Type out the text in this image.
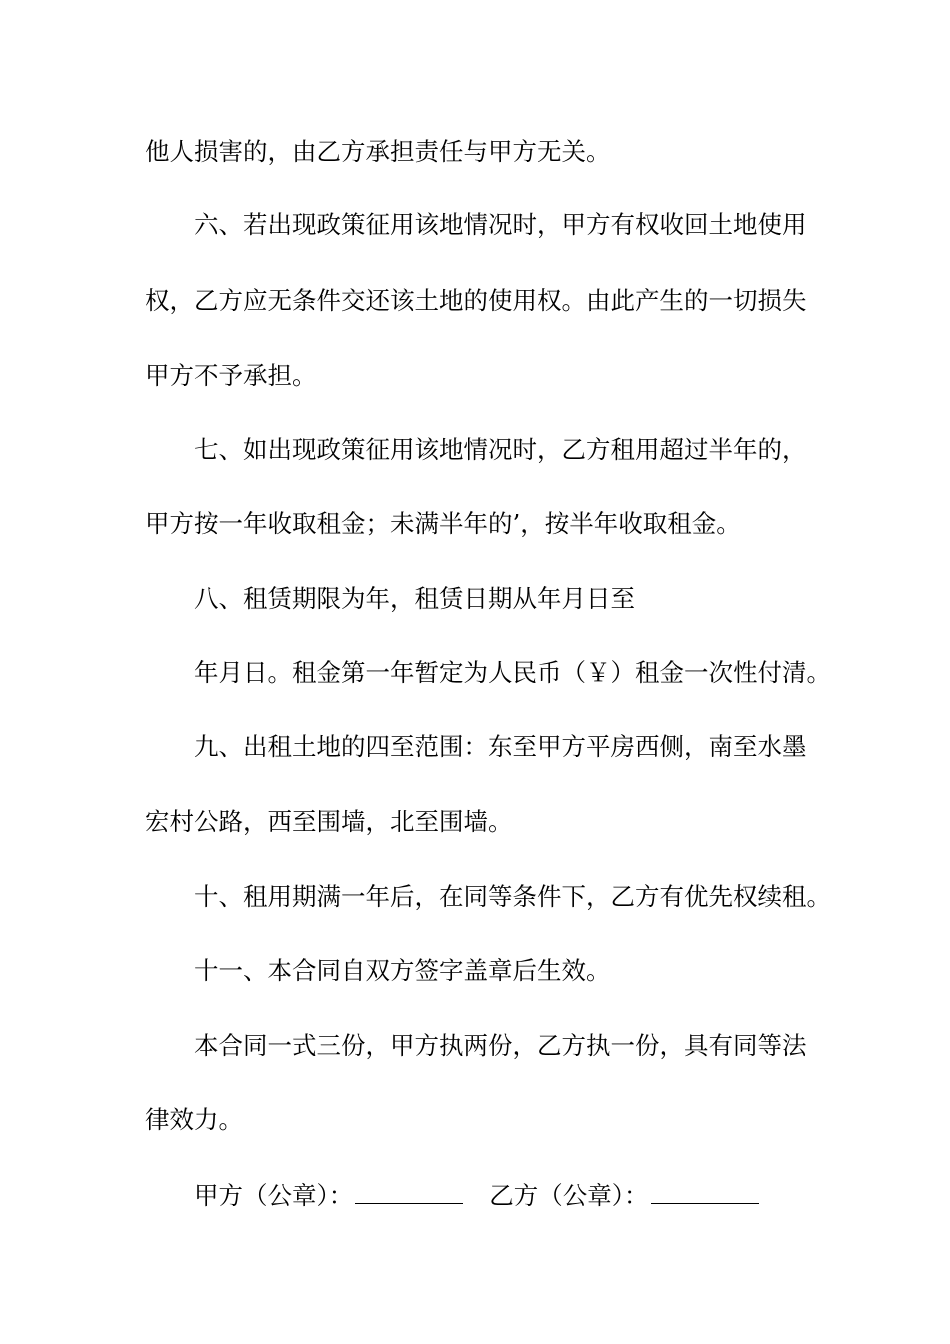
他人损害的，由乙方承担责任与甲方无关。
六、若出现政策征用该地情况时，甲方有权收回土地使用
权，乙方应无条件交还该土地的使用权。由此产生的一切损失
甲方不予承担。
七、如出现政策征用该地情况时，乙方租用超过半年的，
甲方按一年收取租金；未满半年的’，按半年收取租金。
八、租赁期限为年，租赁日期从年月日至
年月日。租金第一年暂定为人民币（￥）租金一次性付清。
九、出租土地的四至范围：东至甲方平房西侧，南至水墨
宏村公路，西至围墙，北至围墙。
十、租用期满一年后，在同等条件下，乙方有优先权续租。
十一、本合同自双方签字盖章后生效。
本合同一式三份，甲方执两份，乙方执一份，具有同等法
律效力。
甲方（公章）：	乙方（公章）：
